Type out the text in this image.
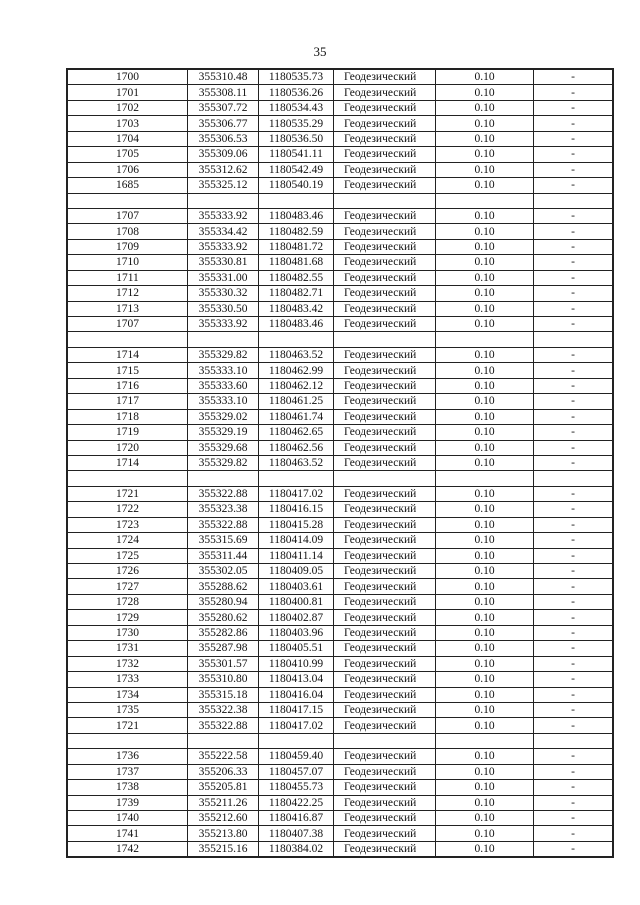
35
1700	355310.48	1180535.73	Геодезический	0.10	-
1701	355308.11	1180536.26	Геодезический	0.10	-
1702	355307.72	1180534.43	Геодезический	0.10	-
1703	355306.77	1180535.29	Геодезический	0.10	-
1704	355306.53	1180536.50	Геодезический	0.10	-
1705	355309.06	1180541.11	Геодезический	0.10	-
1706	355312.62	1180542.49	Геодезический	0.10	-
1685	355325.12	1180540.19	Геодезический	0.10	-

1707	355333.92	1180483.46	Геодезический	0.10	-
1708	355334.42	1180482.59	Геодезический	0.10	-
1709	355333.92	1180481.72	Геодезический	0.10	-
1710	355330.81	1180481.68	Геодезический	0.10	-
1711	355331.00	1180482.55	Геодезический	0.10	-
1712	355330.32	1180482.71	Геодезический	0.10	-
1713	355330.50	1180483.42	Геодезический	0.10	-
1707	355333.92	1180483.46	Геодезический	0.10	-

1714	355329.82	1180463.52	Геодезический	0.10	-
1715	355333.10	1180462.99	Геодезический	0.10	-
1716	355333.60	1180462.12	Геодезический	0.10	-
1717	355333.10	1180461.25	Геодезический	0.10	-
1718	355329.02	1180461.74	Геодезический	0.10	-
1719	355329.19	1180462.65	Геодезический	0.10	-
1720	355329.68	1180462.56	Геодезический	0.10	-
1714	355329.82	1180463.52	Геодезический	0.10	-

1721	355322.88	1180417.02	Геодезический	0.10	-
1722	355323.38	1180416.15	Геодезический	0.10	-
1723	355322.88	1180415.28	Геодезический	0.10	-
1724	355315.69	1180414.09	Геодезический	0.10	-
1725	355311.44	1180411.14	Геодезический	0.10	-
1726	355302.05	1180409.05	Геодезический	0.10	-
1727	355288.62	1180403.61	Геодезический	0.10	-
1728	355280.94	1180400.81	Геодезический	0.10	-
1729	355280.62	1180402.87	Геодезический	0.10	-
1730	355282.86	1180403.96	Геодезический	0.10	-
1731	355287.98	1180405.51	Геодезический	0.10	-
1732	355301.57	1180410.99	Геодезический	0.10	-
1733	355310.80	1180413.04	Геодезический	0.10	-
1734	355315.18	1180416.04	Геодезический	0.10	-
1735	355322.38	1180417.15	Геодезический	0.10	-
1721	355322.88	1180417.02	Геодезический	0.10	-

1736	355222.58	1180459.40	Геодезический	0.10	-
1737	355206.33	1180457.07	Геодезический	0.10	-
1738	355205.81	1180455.73	Геодезический	0.10	-
1739	355211.26	1180422.25	Геодезический	0.10	-
1740	355212.60	1180416.87	Геодезический	0.10	-
1741	355213.80	1180407.38	Геодезический	0.10	-
1742	355215.16	1180384.02	Геодезический	0.10	-
